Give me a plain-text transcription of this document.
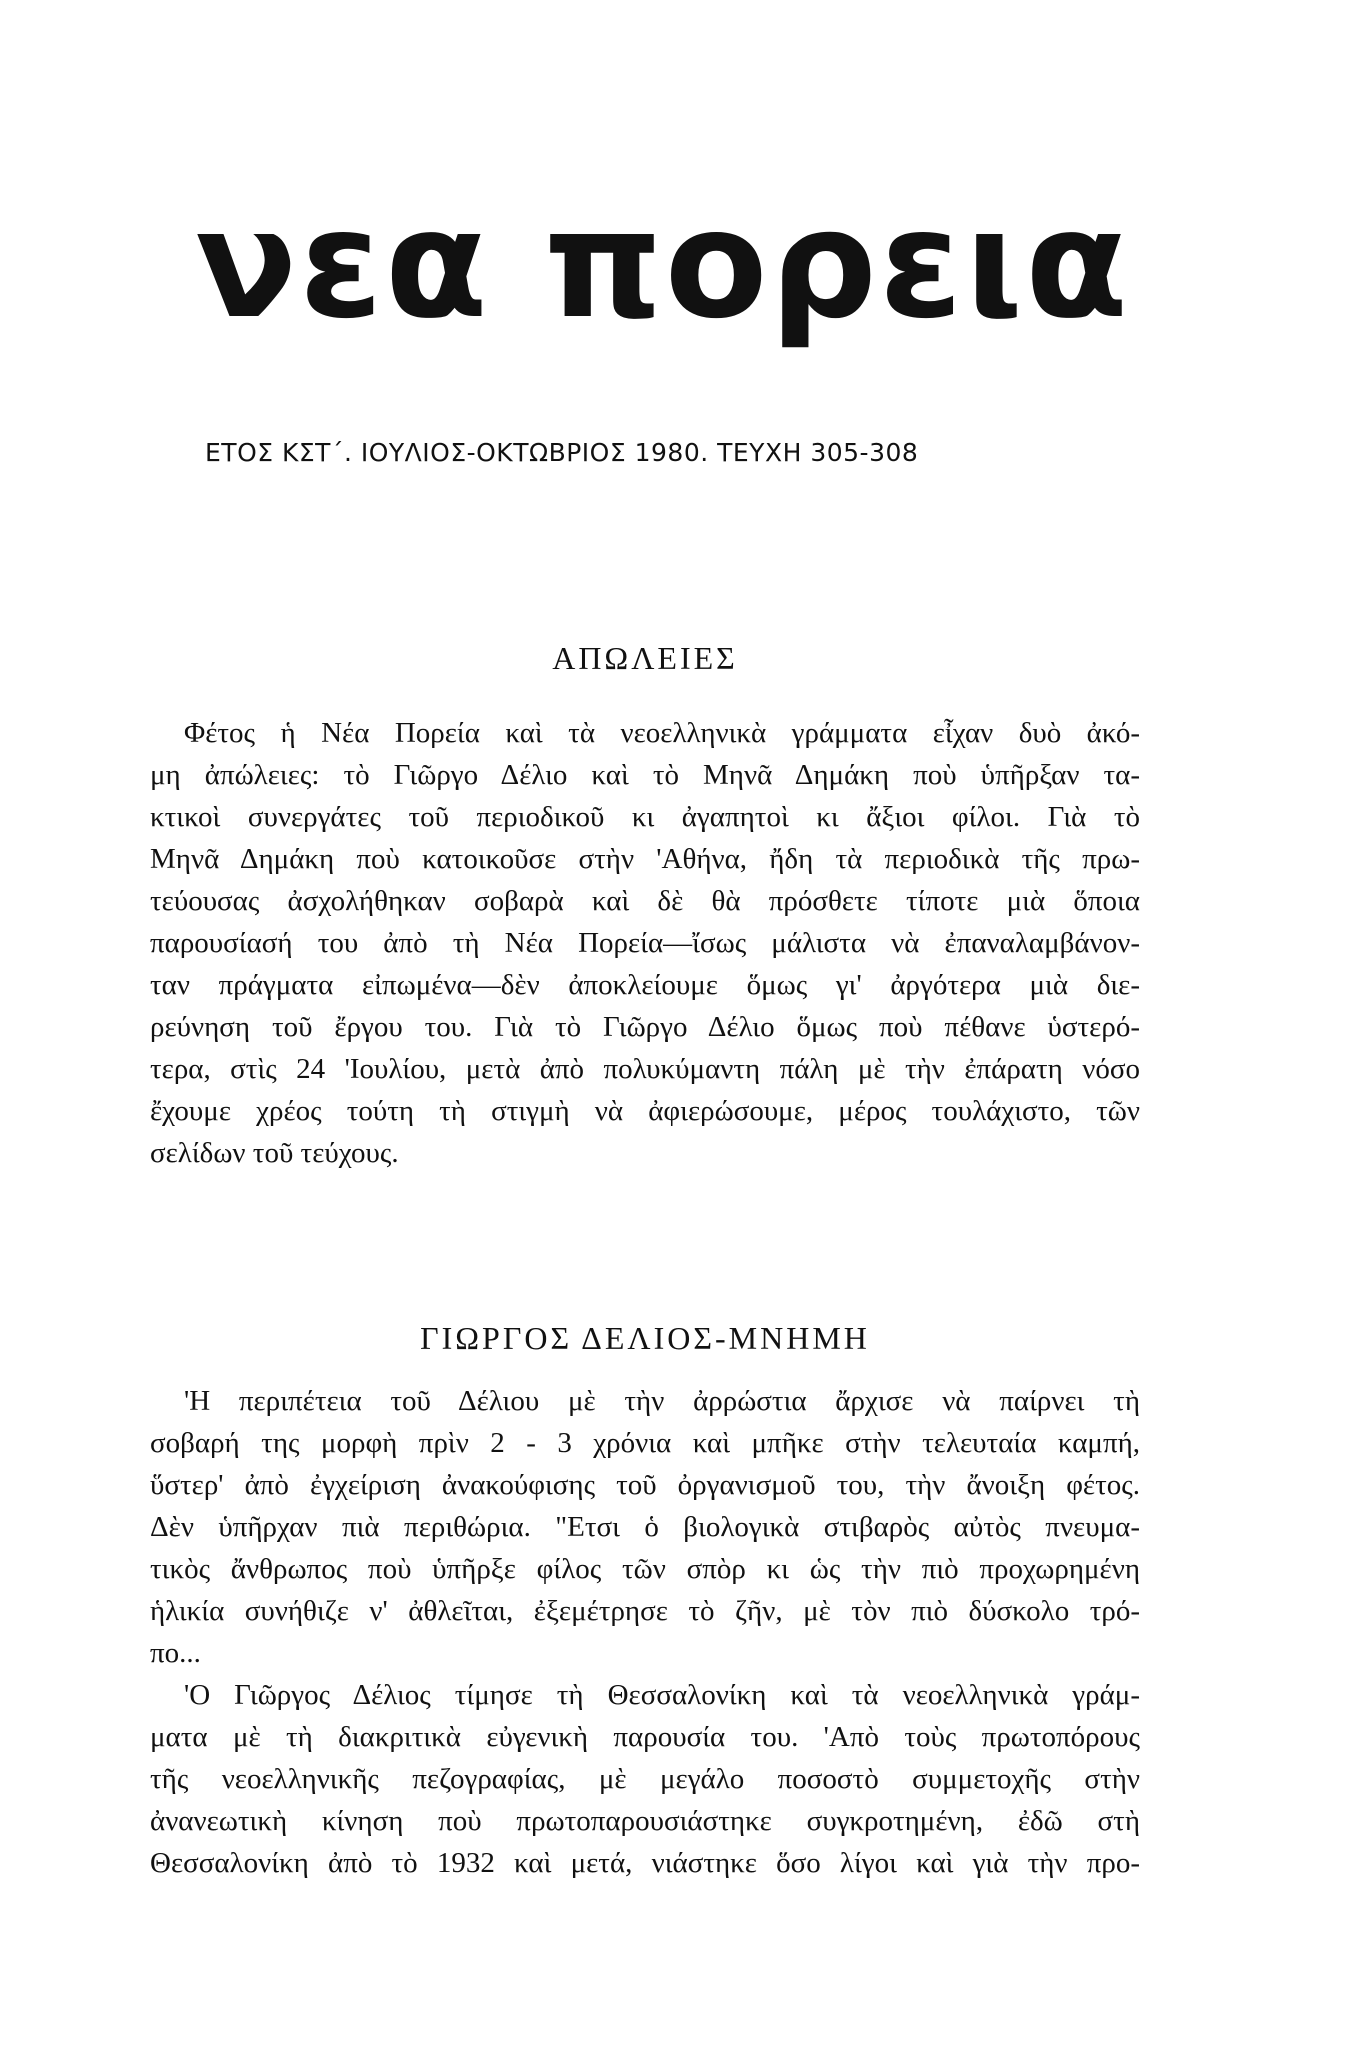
νεα πορεια
ΕΤΟΣ ΚΣΤ΄. ΙΟΥΛΙΟΣ-ΟΚΤΩΒΡΙΟΣ 1980. ΤΕΥΧΗ 305-308
ΑΠΩΛΕΙΕΣ
Φέτος ἡ Νέα Πορεία καὶ τὰ νεοελληνικὰ γράμματα εἶχαν δυὸ ἀκό-
μη ἀπώλειες: τὸ Γιῶργο Δέλιο καὶ τὸ Μηνᾶ Δημάκη ποὺ ὑπῆρξαν τα-
κτικοὶ συνεργάτες τοῦ περιοδικοῦ κι ἀγαπητοὶ κι ἄξιοι φίλοι. Γιὰ τὸ
Μηνᾶ Δημάκη ποὺ κατοικοῦσε στὴν 'Αθήνα, ἤδη τὰ περιοδικὰ τῆς πρω-
τεύουσας ἀσχολήθηκαν σοβαρὰ καὶ δὲ θὰ πρόσθετε τίποτε μιὰ ὅποια
παρουσίασή του ἀπὸ τὴ Νέα Πορεία—ἴσως μάλιστα νὰ ἐπαναλαμβάνον-
ταν πράγματα εἰπωμένα—δὲν ἀποκλείουμε ὅμως γι' ἀργότερα μιὰ διε-
ρεύνηση τοῦ ἔργου του. Γιὰ τὸ Γιῶργο Δέλιο ὅμως ποὺ πέθανε ὑστερό-
τερα, στὶς 24 'Ιουλίου, μετὰ ἀπὸ πολυκύμαντη πάλη μὲ τὴν ἐπάρατη νόσο
ἔχουμε χρέος τούτη τὴ στιγμὴ νὰ ἀφιερώσουμε, μέρος τουλάχιστο, τῶν
σελίδων τοῦ τεύχους.
ΓΙΩΡΓΟΣ ΔΕΛΙΟΣ-ΜΝΗΜΗ
'Η περιπέτεια τοῦ Δέλιου μὲ τὴν ἀρρώστια ἄρχισε νὰ παίρνει τὴ
σοβαρή της μορφὴ πρὶν 2 - 3 χρόνια καὶ μπῆκε στὴν τελευταία καμπή,
ὕστερ' ἀπὸ ἐγχείριση ἀνακούφισης τοῦ ὀργανισμοῦ του, τὴν ἄνοιξη φέτος.
Δὲν ὑπῆρχαν πιὰ περιθώρια. "Ετσι ὁ βιολογικὰ στιβαρὸς αὐτὸς πνευμα-
τικὸς ἄνθρωπος ποὺ ὑπῆρξε φίλος τῶν σπὸρ κι ὡς τὴν πιὸ προχωρημένη
ἡλικία συνήθιζε ν' ἀθλεῖται, ἐξεμέτρησε τὸ ζῆν, μὲ τὸν πιὸ δύσκολο τρό-
πο...
'Ο Γιῶργος Δέλιος τίμησε τὴ Θεσσαλονίκη καὶ τὰ νεοελληνικὰ γράμ-
ματα μὲ τὴ διακριτικὰ εὐγενικὴ παρουσία του. 'Απὸ τοὺς πρωτοπόρους
τῆς νεοελληνικῆς πεζογραφίας, μὲ μεγάλο ποσοστὸ συμμετοχῆς στὴν
ἀνανεωτικὴ κίνηση ποὺ πρωτοπαρουσιάστηκε συγκροτημένη, ἐδῶ στὴ
Θεσσαλονίκη ἀπὸ τὸ 1932 καὶ μετά, νιάστηκε ὅσο λίγοι καὶ γιὰ τὴν προ-
